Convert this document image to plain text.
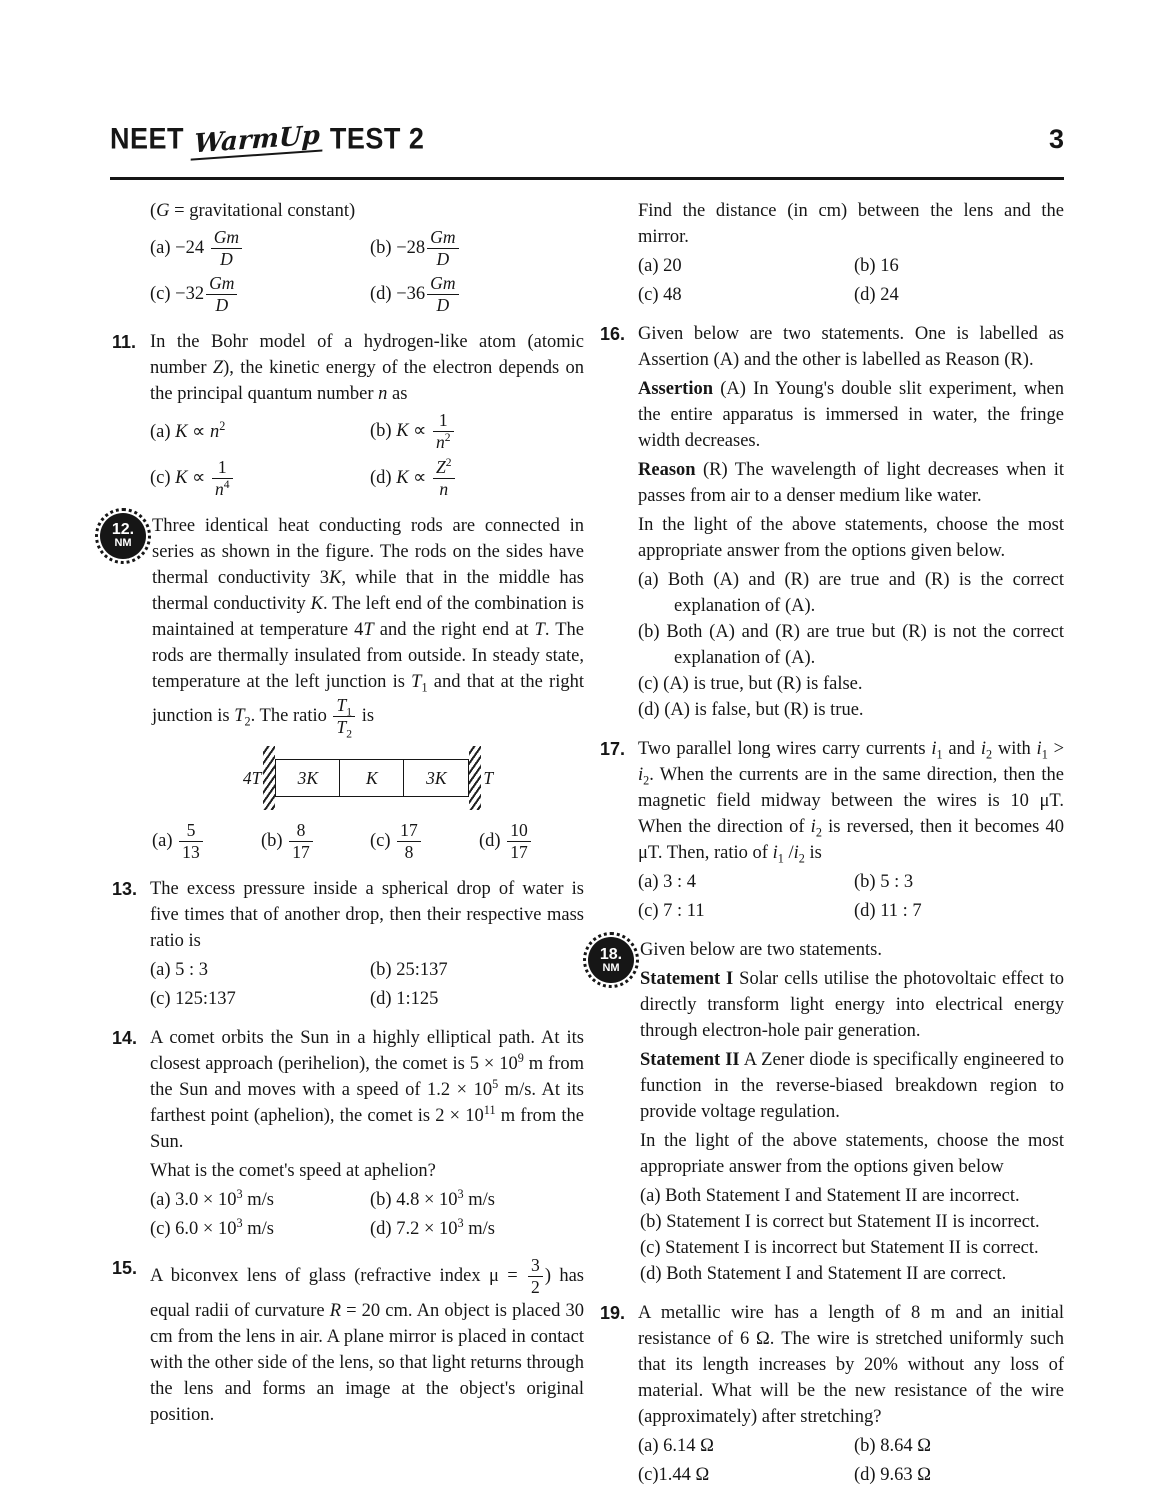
NEET WarmUp TEST 2	3

(G = gravitational constant)

$(a) -24 \frac{Gm}{D}$	$(b) -28 \frac{Gm}{D}$
$(c) -32 \frac{Gm}{D}$	$(d) -36 \frac{Gm}{D}$
11. In the Bohr model of a hydrogen-like atom (atomic number Z), the kinetic energy of the electron depends on the principal quantum number n as

(a) $K \propto n^2$	(b) $K \propto \frac{1}{n^2}$
(c) $K \propto \frac{1}{n^4}$	(d) $K \propto \frac{Z^2}{n}$
12.
NM

Three identical heat conducting rods are connected in series as shown in the figure. The rods on the sides have thermal conductivity 3K, while that in the middle has thermal conductivity K. The left end of the combination is maintained at temperature 4T and the right end at T. The rods are thermally insulated from outside. In steady state, temperature at the left junction is $T_1$ and that at the right junction is $T_2$. The ratio $\frac{T_1}{T_2}$ is

4T	3K	K	3K	T
$(a) \frac{5}{13}$	$(b) \frac{8}{17}$	$(c) \frac{17}{8}$	$(d) \frac{10}{17}$
13. The excess pressure inside a spherical drop of water is five times that of another drop, then their respective mass ratio is

(a) 5 : 3	(b) 25:137
(c) 125:137	(d) 1:125
14. A comet orbits the Sun in a highly elliptical path. At its closest approach (perihelion), the comet is $5 \times 10^9$ m from the Sun and moves with a speed of $1.2 \times 10^5$ m/s. At its farthest point (aphelion), the comet is $2 \times 10^{11}$ m from the Sun.

What is the comet's speed at aphelion?

(a) $3.0 \times 10^3$ m/s	(b) $4.8 \times 10^3$ m/s
(c) $6.0 \times 10^3$ m/s	(d) $7.2 \times 10^3$ m/s
15. A biconvex lens of glass (refractive index $\mu = \frac{3}{2}$ ) has equal radii of curvature R = 20 cm. An object is placed 30 cm from the lens in air. A plane mirror is placed in contact with the other side of the lens, so that light returns through the lens and forms an image at the object's original position.

Find the distance (in cm) between the lens and the mirror.

(a) 20	(b) 16
(c) 48	(d) 24
16. Given below are two statements. One is labelled as Assertion (A) and the other is labelled as Reason (R).

Assertion (A) In Young's double slit experiment, when the entire apparatus is immersed in water, the fringe width decreases.

Reason (R) The wavelength of light decreases when it passes from air to a denser medium like water.

In the light of the above statements, choose the most appropriate answer from the options given below.

(a) Both (A) and (R) are true and (R) is the correct explanation of (A).

(b) Both (A) and (R) are true but (R) is not the correct explanation of (A).

(c) (A) is true, but (R) is false.

(d) (A) is false, but (R) is true.

17. Two parallel long wires carry currents $i_1$ and $i_2$ with $i_1 > i_2$. When the currents are in the same direction, then the magnetic field midway between the wires is 10 μT. When the direction of $i_2$ is reversed, then it becomes 40 μT. Then, ratio of $i_1$ $/i_2$ is

(a) 3 : 4	(b) 5 : 3
(c) 7 : 11	(d) 11 : 7
18.
NM

Given below are two statements.

Statement I Solar cells utilise the photovoltaic effect to directly transform light energy into electrical energy through electron-hole pair generation.

Statement II A Zener diode is specifically engineered to function in the reverse-biased breakdown region to provide voltage regulation.

In the light of the above statements, choose the most appropriate answer from the options given below

(a) Both Statement I and Statement II are incorrect.

(b) Statement I is correct but Statement II is incorrect.

(c) Statement I is incorrect but Statement II is correct.

(d) Both Statement I and Statement II are correct.

19. A metallic wire has a length of 8 m and an initial resistance of 6 Ω. The wire is stretched uniformly such that its length increases by 20% without any loss of material. What will be the new resistance of the wire (approximately) after stretching?

(a) 6.14 Ω	(b) 8.64 Ω
(c)1.44 Ω	(d) 9.63 Ω
